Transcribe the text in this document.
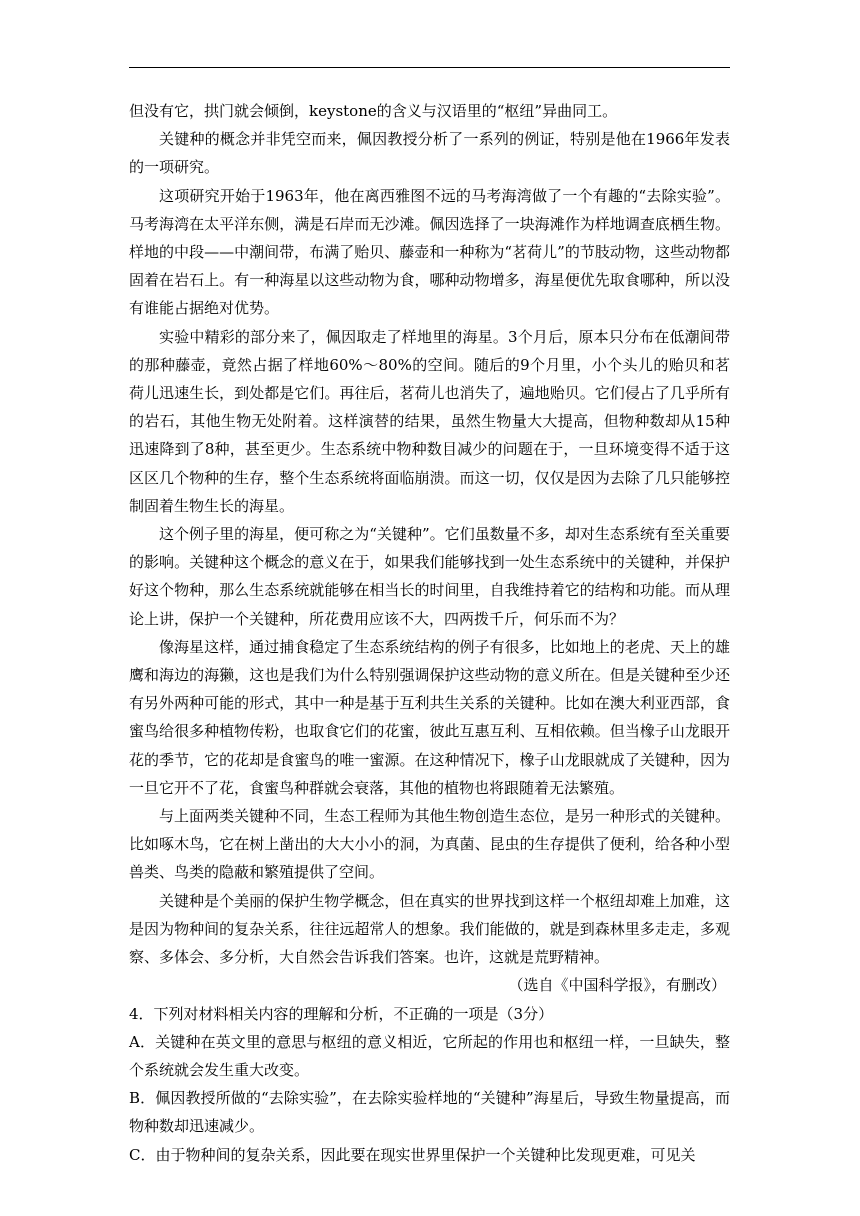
但没有它，拱门就会倾倒，keystone的含义与汉语里的“枢纽”异曲同工。

关键种的概念并非凭空而来，佩因教授分析了一系列的例证，特别是他在1966年发表的一项研究。

这项研究开始于1963年，他在离西雅图不远的马考海湾做了一个有趣的“去除实验”。马考海湾在太平洋东侧，满是石岸而无沙滩。佩因选择了一块海滩作为样地调查底栖生物。样地的中段——中潮间带，布满了贻贝、藤壶和一种称为“茗荷儿”的节肢动物，这些动物都固着在岩石上。有一种海星以这些动物为食，哪种动物增多，海星便优先取食哪种，所以没有谁能占据绝对优势。

实验中精彩的部分来了，佩因取走了样地里的海星。3个月后，原本只分布在低潮间带的那种藤壶，竟然占据了样地60%～80%的空间。随后的9个月里，小个头儿的贻贝和茗荷儿迅速生长，到处都是它们。再往后，茗荷儿也消失了，遍地贻贝。它们侵占了几乎所有的岩石，其他生物无处附着。这样演替的结果，虽然生物量大大提高，但物种数却从15种迅速降到了8种，甚至更少。生态系统中物种数目减少的问题在于，一旦环境变得不适于这区区几个物种的生存，整个生态系统将面临崩溃。而这一切，仅仅是因为去除了几只能够控制固着生物生长的海星。

这个例子里的海星，便可称之为“关键种”。它们虽数量不多，却对生态系统有至关重要的影响。关键种这个概念的意义在于，如果我们能够找到一处生态系统中的关键种，并保护好这个物种，那么生态系统就能够在相当长的时间里，自我维持着它的结构和功能。而从理论上讲，保护一个关键种，所花费用应该不大，四两拨千斤，何乐而不为？

像海星这样，通过捕食稳定了生态系统结构的例子有很多，比如地上的老虎、天上的雄鹰和海边的海獭，这也是我们为什么特别强调保护这些动物的意义所在。但是关键种至少还有另外两种可能的形式，其中一种是基于互利共生关系的关键种。比如在澳大利亚西部，食蜜鸟给很多种植物传粉，也取食它们的花蜜，彼此互惠互利、互相依赖。但当橡子山龙眼开花的季节，它的花却是食蜜鸟的唯一蜜源。在这种情况下，橡子山龙眼就成了关键种，因为一旦它开不了花，食蜜鸟种群就会衰落，其他的植物也将跟随着无法繁殖。

与上面两类关键种不同，生态工程师为其他生物创造生态位，是另一种形式的关键种。比如啄木鸟，它在树上凿出的大大小小的洞，为真菌、昆虫的生存提供了便利，给各种小型兽类、鸟类的隐蔽和繁殖提供了空间。

关键种是个美丽的保护生物学概念，但在真实的世界找到这样一个枢纽却难上加难，这是因为物种间的复杂关系，往往远超常人的想象。我们能做的，就是到森林里多走走，多观察、多体会、多分析，大自然会告诉我们答案。也许，这就是荒野精神。

（选自《中国科学报》，有删改）

4．下列对材料相关内容的理解和分析，不正确的一项是（3分）

A．关键种在英文里的意思与枢纽的意义相近，它所起的作用也和枢纽一样，一旦缺失，整个系统就会发生重大改变。

B．佩因教授所做的“去除实验”，在去除实验样地的“关键种”海星后，导致生物量提高，而物种数却迅速减少。

C．由于物种间的复杂关系，因此要在现实世界里保护一个关键种比发现更难，可见关
